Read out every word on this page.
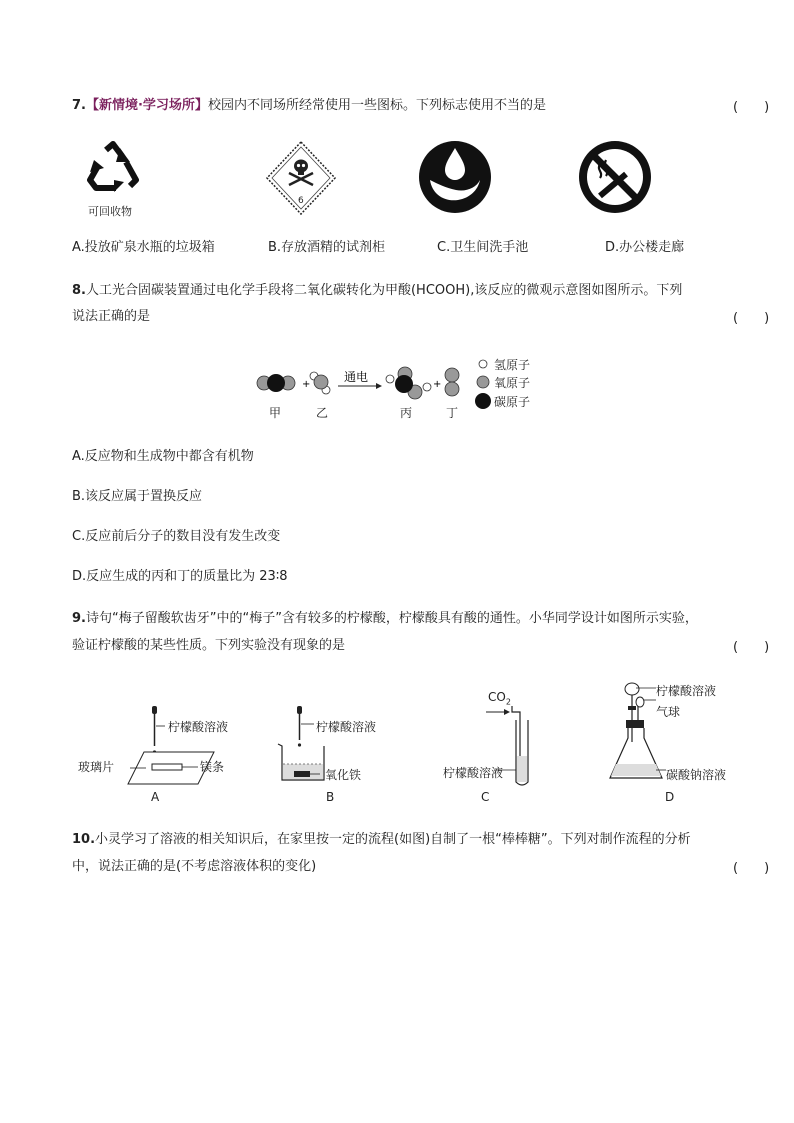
7.【新情境·学习场所】校园内不同场所经常使用一些图标。下列标志使用不当的是	(　　)
可回收物
6
A.投放矿泉水瓶的垃圾箱	B.存放酒精的试剂柜	C.卫生间洗手池	D.办公楼走廊
8.人工光合固碳装置通过电化学手段将二氧化碳转化为甲酸(HCOOH),该反应的微观示意图如图所示。下列
说法正确的是	(　　)
+
通电
+
甲	乙	丙	丁
氢原子
氧原子
碳原子
A.反应物和生成物中都含有机物
B.该反应属于置换反应
C.反应前后分子的数目没有发生改变
D.反应生成的丙和丁的质量比为 23∶8
9.诗句“梅子留酸软齿牙”中的“梅子”含有较多的柠檬酸，柠檬酸具有酸的通性。小华同学设计如图所示实验，
验证柠檬酸的某些性质。下列实验没有现象的是	(　　)
柠檬酸溶液
玻璃片	镁条
A
柠檬酸溶液
氧化铁
B
$CO_2$
柠檬酸溶液
C
柠檬酸溶液
气球
碳酸钠溶液
D
10.小灵学习了溶液的相关知识后，在家里按一定的流程(如图)自制了一根“棒棒糖”。下列对制作流程的分析
中，说法正确的是(不考虑溶液体积的变化)	(　　)
